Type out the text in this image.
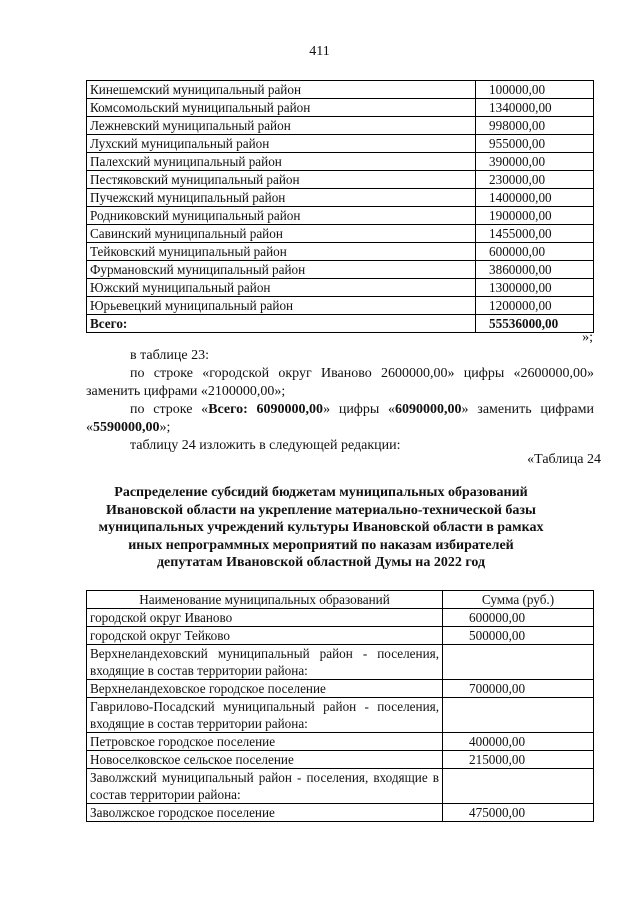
411
Кинешемский муниципальный район	100000,00
Комсомольский муниципальный район	1340000,00
Лежневский муниципальный район	998000,00
Лухский муниципальный район	955000,00
Палехский муниципальный район	390000,00
Пестяковский муниципальный район	230000,00
Пучежский муниципальный район	1400000,00
Родниковский муниципальный район	1900000,00
Савинский муниципальный район	1455000,00
Тейковский муниципальный район	600000,00
Фурмановский муниципальный район	3860000,00
Южский муниципальный район	1300000,00
Юрьевецкий муниципальный район	1200000,00
Всего:	55536000,00
»;

в таблице 23:

по строке «городской округ Иваново 2600000,00» цифры «2600000,00» заменить цифрами «2100000,00»;

по строке «Всего: 6090000,00» цифры «6090000,00» заменить цифрами «5590000,00»;

таблицу 24 изложить в следующей редакции:

«Таблица 24

Распределение субсидий бюджетам муниципальных образований Ивановской области на укрепление материально-технической базы муниципальных учреждений культуры Ивановской области в рамках иных непрограммных мероприятий по наказам избирателей депутатам Ивановской областной Думы на 2022 год

Наименование муниципальных образований	Сумма (руб.)
городской округ Иваново	600000,00
городской округ Тейково	500000,00
Верхнеландеховский муниципальный район - поселения, входящие в состав территории района:	
Верхнеландеховское городское поселение	700000,00
Гаврилово-Посадский муниципальный район - поселения, входящие в состав территории района:	
Петровское городское поселение	400000,00
Новоселковское сельское поселение	215000,00
Заволжский муниципальный район - поселения, входящие в состав территории района:	
Заволжское городское поселение	475000,00
